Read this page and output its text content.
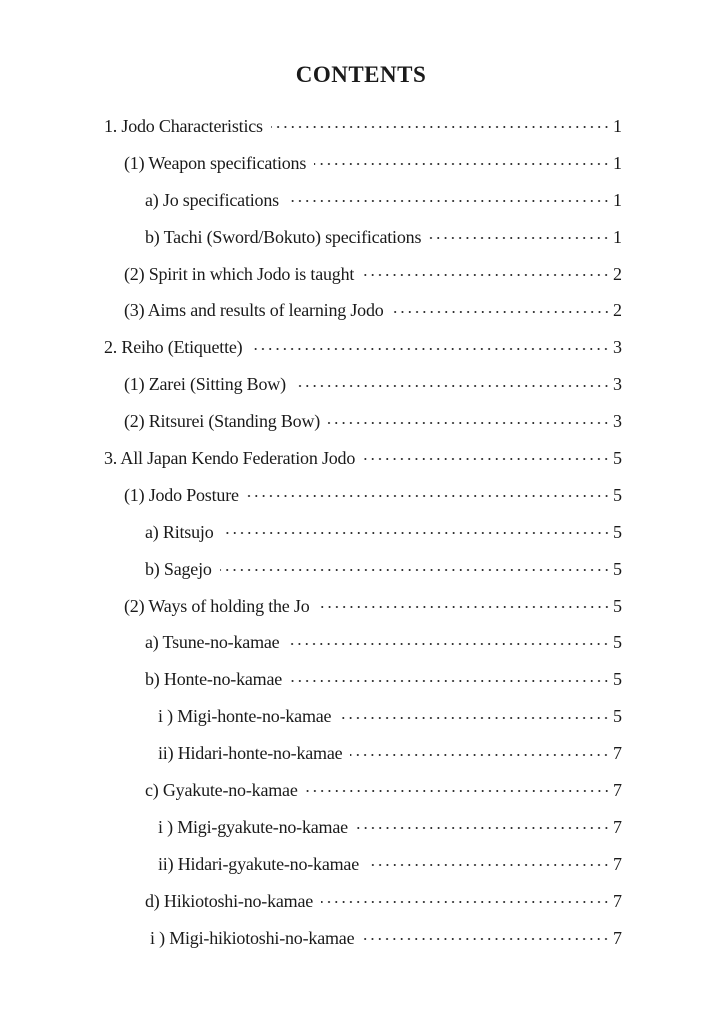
CONTENTS
1. Jodo Characteristics	1
(1) Weapon specifications	1
a) Jo specifications	1
b) Tachi (Sword/Bokuto) specifications	1
(2) Spirit in which Jodo is taught	2
(3) Aims and results of learning Jodo	2
2. Reiho (Etiquette)	3
(1) Zarei (Sitting Bow)	3
(2) Ritsurei (Standing Bow)	3
3. All Japan Kendo Federation Jodo	5
(1) Jodo Posture	5
a) Ritsujo	5
b) Sagejo	5
(2) Ways of holding the Jo	5
a) Tsune-no-kamae	5
b) Honte-no-kamae	5
i ) Migi-honte-no-kamae	5
ii) Hidari-honte-no-kamae	7
c) Gyakute-no-kamae	7
i ) Migi-gyakute-no-kamae	7
ii) Hidari-gyakute-no-kamae	7
d) Hikiotoshi-no-kamae	7
i ) Migi-hikiotoshi-no-kamae	7
